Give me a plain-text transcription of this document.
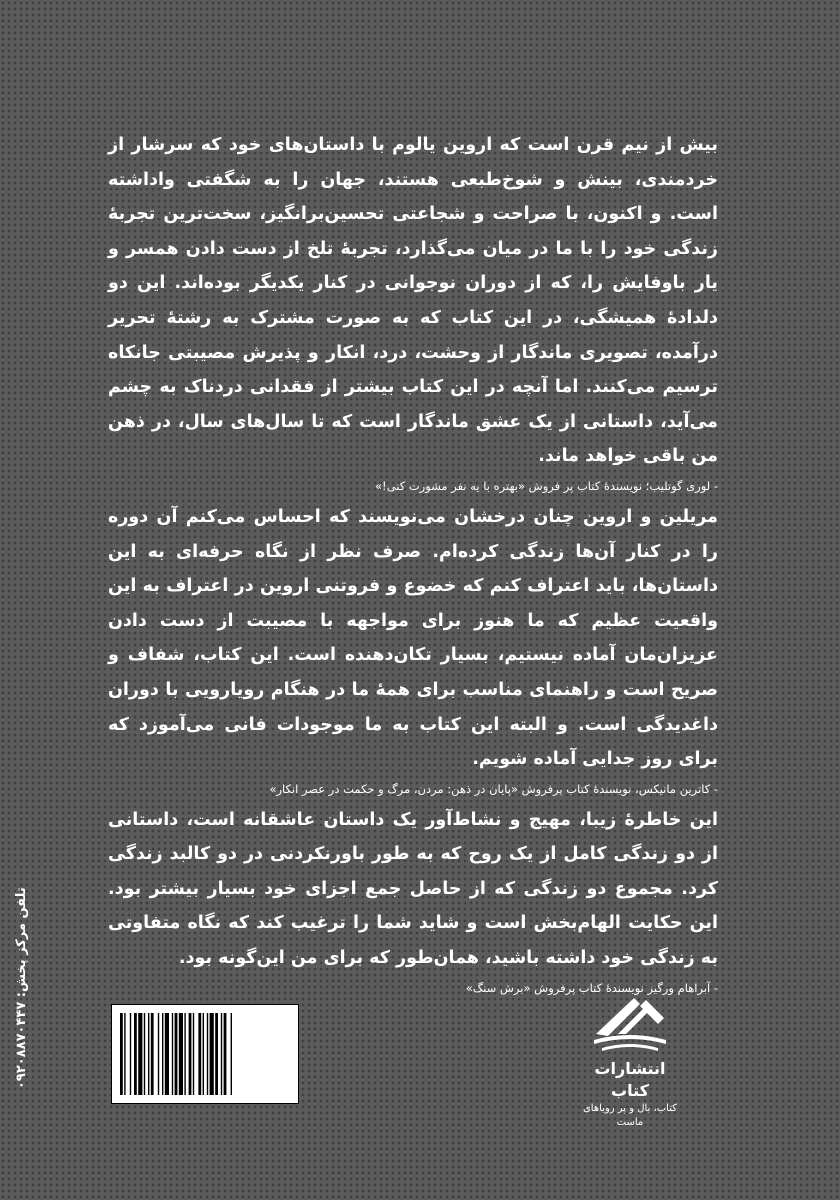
بیش از نیم قرن است که اروین یالوم با داستان‌های خود که سرشار از خردمندی، بینش و شوخ‌طبعی هستند، جهان را به شگفتی واداشته است. و اکنون، با صراحت و شجاعتی تحسین‌برانگیز، سخت‌ترین تجربهٔ زندگی خود را با ما در میان می‌گذارد، تجربهٔ تلخ از دست دادن همسر و یار باوفایش را، که از دوران نوجوانی در کنار یکدیگر بوده‌اند. این دو دلدادهٔ همیشگی، در این کتاب که به صورت مشترک به رشتهٔ تحریر درآمده، تصویری ماندگار از وحشت، درد، انکار و پذیرش مصیبتی جانکاه ترسیم می‌کنند. اما آنچه در این کتاب بیشتر از فقدانی دردناک به چشم می‌آید، داستانی از یک عشق ماندگار است که تا سال‌های سال، در ذهن من باقی خواهد ماند.

- لوری گوتلیب؛ نویسندهٔ کتاب پر فروش «بهتره با یه نفر مشورت کنی!»

مریلین و اروین چنان درخشان می‌نویسند که احساس می‌کنم آن دوره را در کنار آن‌ها زندگی کرده‌ام. صرف نظر از نگاه حرفه‌ای به این داستان‌ها، باید اعتراف کنم که خضوع و فروتنی اروین در اعتراف به این واقعیت عظیم که ما هنوز برای مواجهه با مصیبت از دست دادن عزیزان‌مان آماده نیستیم، بسیار تکان‌دهنده است. این کتاب، شفاف و صریح است و راهنمای مناسب برای همهٔ ما در هنگام رویارویی با دوران داغدیدگی است. و البته این کتاب به ما موجودات فانی می‌آموزد که برای روز جدایی آماده شویم.

- کاترین مانیکس، نویسندهٔ کتاب پرفروش «پایان در ذهن: مردن، مرگ و حکمت در عصر انکار»

این خاطرهٔ زیبا، مهیج و نشاط‌آور یک داستان عاشقانه است، داستانی از دو زندگی کامل از یک روح که به طور باورنکردنی در دو کالبد زندگی کرد. مجموع دو زندگی که از حاصل جمع اجزای خود بسیار بیشتر بود. این حکایت الهام‌بخش است و شاید شما را ترغیب کند که نگاه متفاوتی به زندگی خود داشته باشید، همان‌طور که برای من این‌گونه بود.

- آبراهام ورگیز نویسندهٔ کتاب پرفروش «برش سنگ»
تلفن مرکز پخش: ۰۹۲۰۸۸۷۰۴۴۷
انتشارات کتاب
کتاب، بال و پر رویاهای ماست
